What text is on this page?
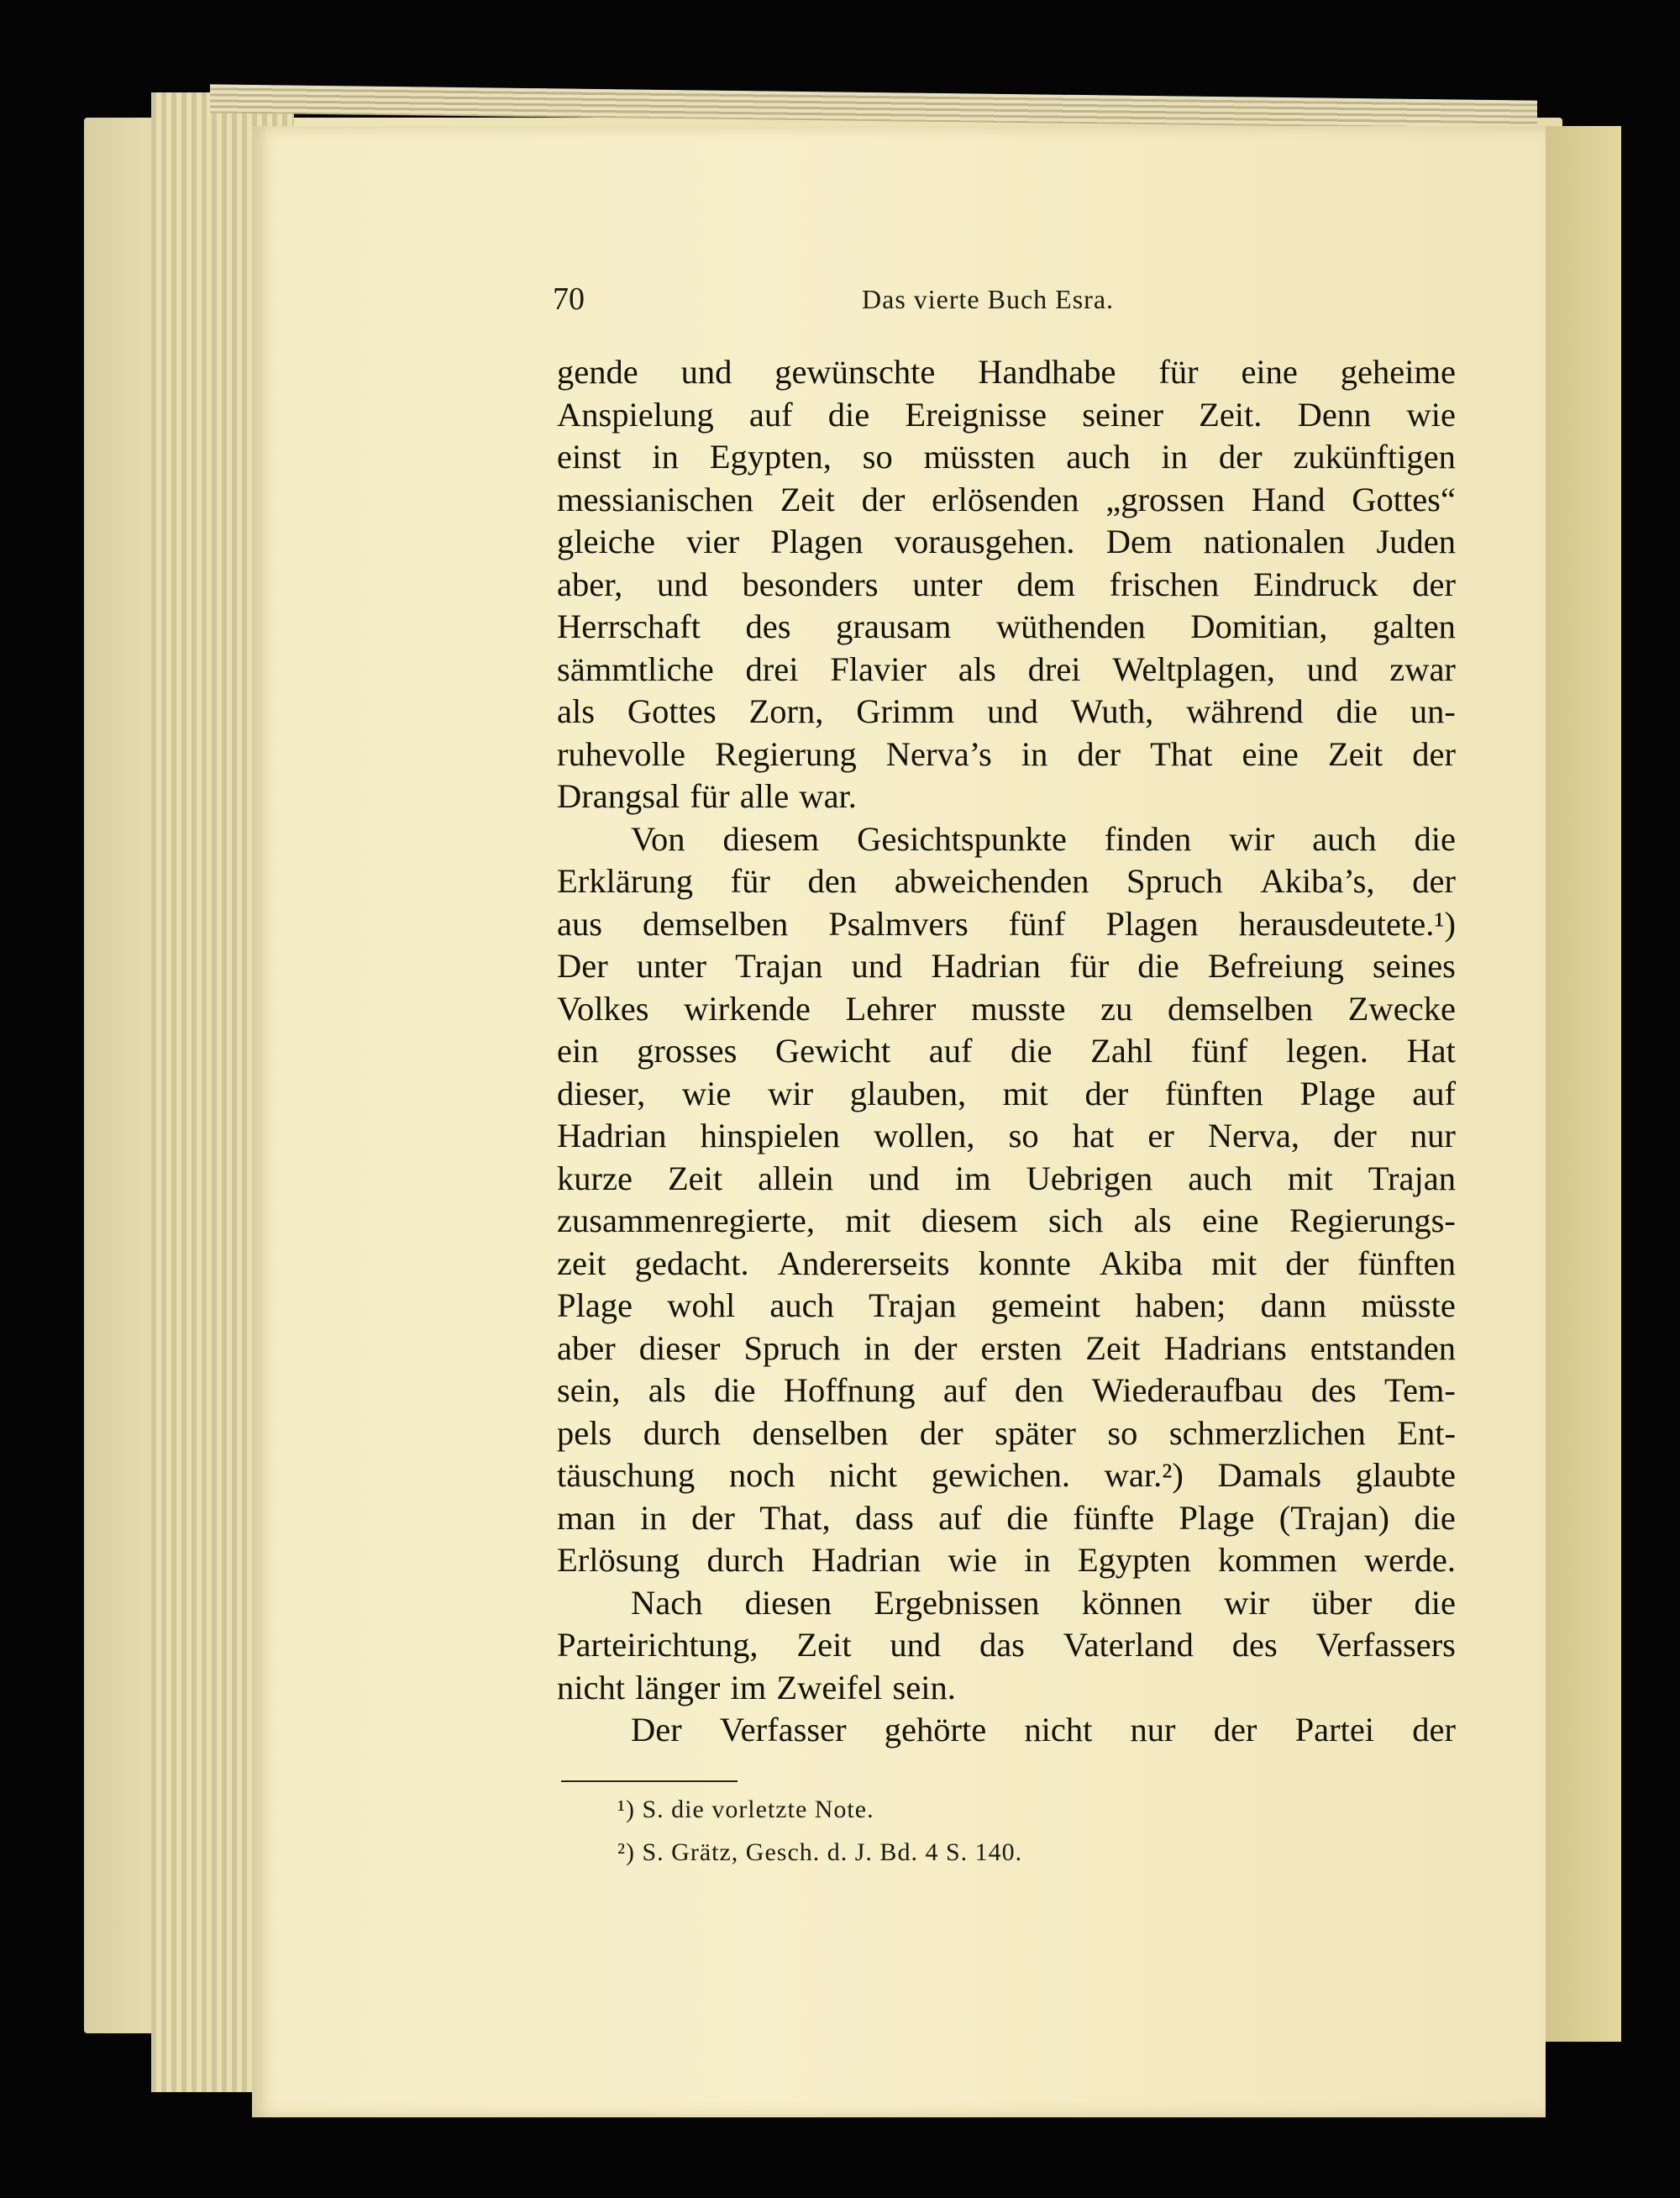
70	Das vierte Buch Esra.
gende und gewünschte Handhabe für eine geheime
Anspielung auf die Ereignisse seiner Zeit. Denn wie
einst in Egypten, so müssten auch in der zukünftigen
messianischen Zeit der erlösenden „grossen Hand Gottes“
gleiche vier Plagen vorausgehen. Dem nationalen Juden
aber, und besonders unter dem frischen Eindruck der
Herrschaft des grausam wüthenden Domitian, galten
sämmtliche drei Flavier als drei Weltplagen, und zwar
als Gottes Zorn, Grimm und Wuth, während die un-
ruhevolle Regierung Nerva’s in der That eine Zeit der
Drangsal für alle war.
Von diesem Gesichtspunkte finden wir auch die
Erklärung für den abweichenden Spruch Akiba’s, der
aus demselben Psalmvers fünf Plagen herausdeutete.¹)
Der unter Trajan und Hadrian für die Befreiung seines
Volkes wirkende Lehrer musste zu demselben Zwecke
ein grosses Gewicht auf die Zahl fünf legen. Hat
dieser, wie wir glauben, mit der fünften Plage auf
Hadrian hinspielen wollen, so hat er Nerva, der nur
kurze Zeit allein und im Uebrigen auch mit Trajan
zusammenregierte, mit diesem sich als eine Regierungs-
zeit gedacht. Andererseits konnte Akiba mit der fünften
Plage wohl auch Trajan gemeint haben; dann müsste
aber dieser Spruch in der ersten Zeit Hadrians entstanden
sein, als die Hoffnung auf den Wiederaufbau des Tem-
pels durch denselben der später so schmerzlichen Ent-
täuschung noch nicht gewichen. war.²) Damals glaubte
man in der That, dass auf die fünfte Plage (Trajan) die
Erlösung durch Hadrian wie in Egypten kommen werde.
Nach diesen Ergebnissen können wir über die
Parteirichtung, Zeit und das Vaterland des Verfassers
nicht länger im Zweifel sein.
Der Verfasser gehörte nicht nur der Partei der
¹) S. die vorletzte Note.
²) S. Grätz, Gesch. d. J. Bd. 4 S. 140.
